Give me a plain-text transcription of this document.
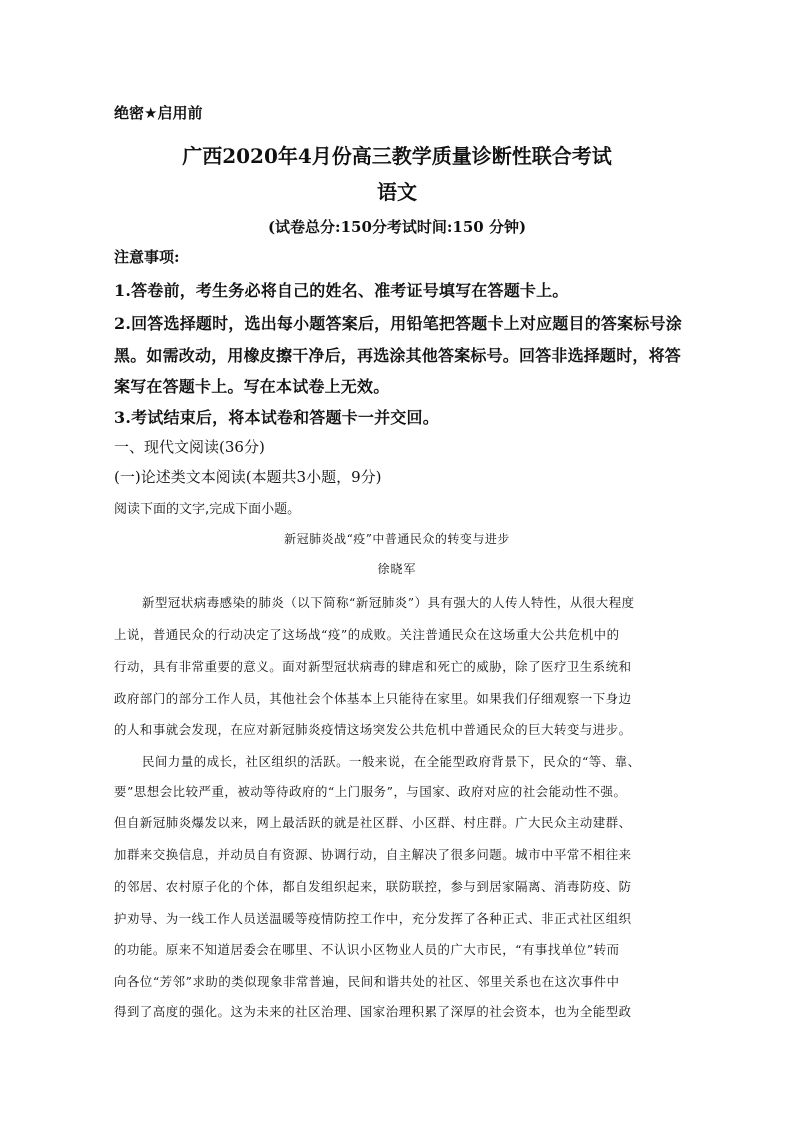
绝密★启用前
广西2020年4月份高三教学质量诊断性联合考试
语文
(试卷总分:150分考试时间:150 分钟)
注意事项:
1.答卷前，考生务必将自己的姓名、准考证号填写在答题卡上。
2.回答选择题时，选出每小题答案后，用铅笔把答题卡上对应题目的答案标号涂
黑。如需改动，用橡皮擦干净后，再选涂其他答案标号。回答非选择题时，将答
案写在答题卡上。写在本试卷上无效。
3.考试结束后，将本试卷和答题卡一并交回。
一、现代文阅读(36分)
(一)论述类文本阅读(本题共3小题，9分)
阅读下面的文字,完成下面小题。
新冠肺炎战“疫”中普通民众的转变与进步
徐晓军
新型冠状病毒感染的肺炎（以下简称“新冠肺炎”）具有强大的人传人特性，从很大程度
上说，普通民众的行动决定了这场战“疫”的成败。关注普通民众在这场重大公共危机中的
行动，具有非常重要的意义。面对新型冠状病毒的肆虐和死亡的威胁，除了医疗卫生系统和
政府部门的部分工作人员，其他社会个体基本上只能待在家里。如果我们仔细观察一下身边
的人和事就会发现，在应对新冠肺炎疫情这场突发公共危机中普通民众的巨大转变与进步。
民间力量的成长，社区组织的活跃。一般来说，在全能型政府背景下，民众的“等、靠、
要”思想会比较严重，被动等待政府的“上门服务”，与国家、政府对应的社会能动性不强。
但自新冠肺炎爆发以来，网上最活跃的就是社区群、小区群、村庄群。广大民众主动建群、
加群来交换信息，并动员自有资源、协调行动，自主解决了很多问题。城市中平常不相往来
的邻居、农村原子化的个体，都自发组织起来，联防联控，参与到居家隔离、消毒防疫、防
护劝导、为一线工作人员送温暖等疫情防控工作中，充分发挥了各种正式、非正式社区组织
的功能。原来不知道居委会在哪里、不认识小区物业人员的广大市民，“有事找单位”转而
向各位“芳邻”求助的类似现象非常普遍，民间和谐共处的社区、邻里关系也在这次事件中
得到了高度的强化。这为未来的社区治理、国家治理积累了深厚的社会资本，也为全能型政
